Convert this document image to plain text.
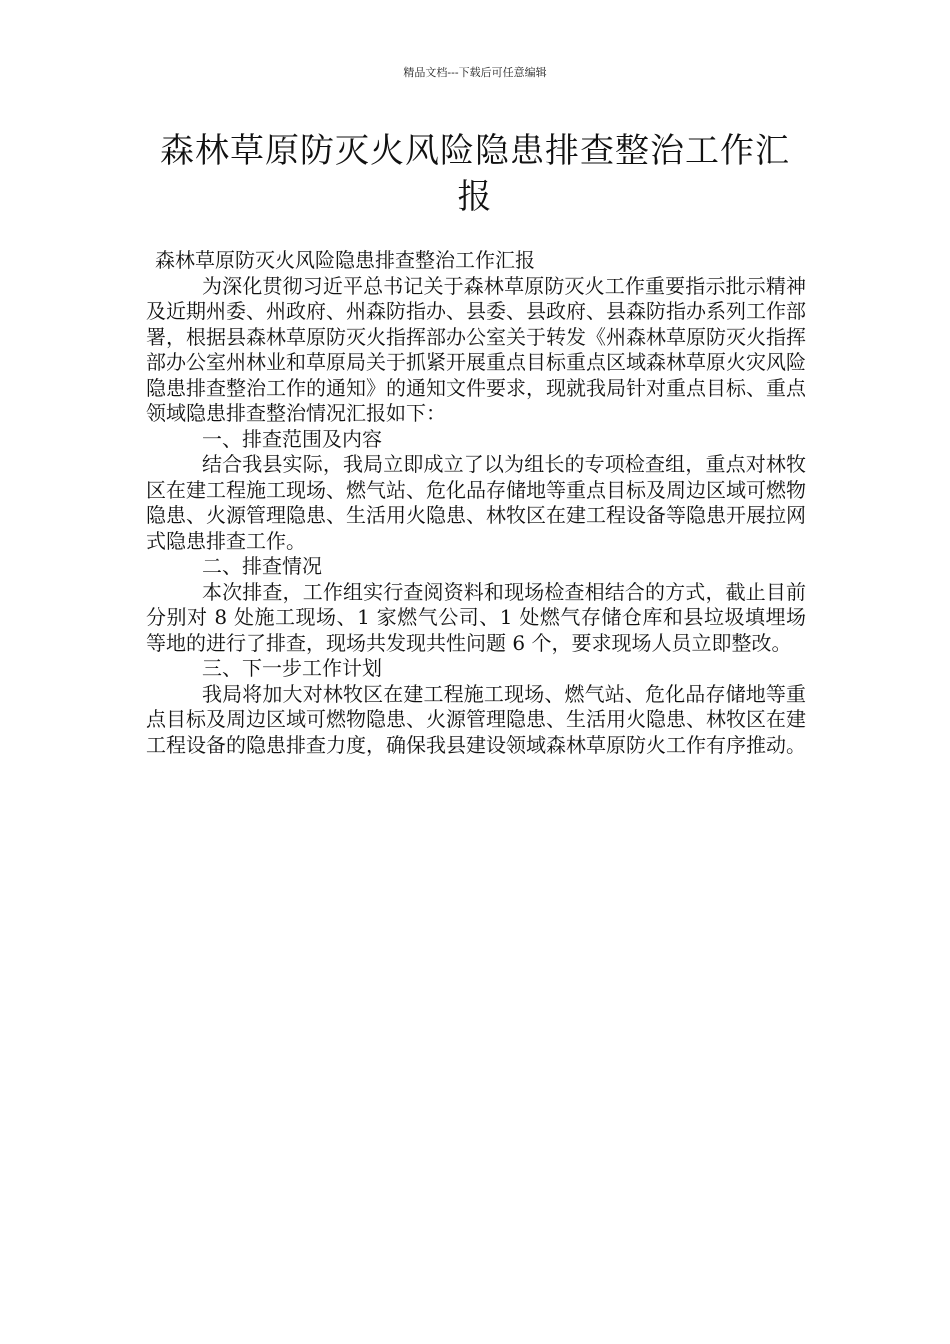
精品文档---下载后可任意编辑
森林草原防灭火风险隐患排查整治工作汇报

森林草原防灭火风险隐患排查整治工作汇报

为深化贯彻习近平总书记关于森林草原防灭火工作重要指示批示精神及近期州委、州政府、州森防指办、县委、县政府、县森防指办系列工作部署，根据县森林草原防灭火指挥部办公室关于转发《州森林草原防灭火指挥部办公室州林业和草原局关于抓紧开展重点目标重点区域森林草原火灾风险隐患排查整治工作的通知》的通知文件要求，现就我局针对重点目标、重点领域隐患排查整治情况汇报如下：

一、排查范围及内容

结合我县实际，我局立即成立了以为组长的专项检查组，重点对林牧区在建工程施工现场、燃气站、危化品存储地等重点目标及周边区域可燃物隐患、火源管理隐患、生活用火隐患、林牧区在建工程设备等隐患开展拉网式隐患排查工作。

二、排查情况

本次排查，工作组实行查阅资料和现场检查相结合的方式，截止目前分别对 8 处施工现场、1 家燃气公司、1 处燃气存储仓库和县垃圾填埋场等地的进行了排查，现场共发现共性问题 6 个，要求现场人员立即整改。

三、下一步工作计划

我局将加大对林牧区在建工程施工现场、燃气站、危化品存储地等重点目标及周边区域可燃物隐患、火源管理隐患、生活用火隐患、林牧区在建工程设备的隐患排查力度，确保我县建设领域森林草原防火工作有序推动。
